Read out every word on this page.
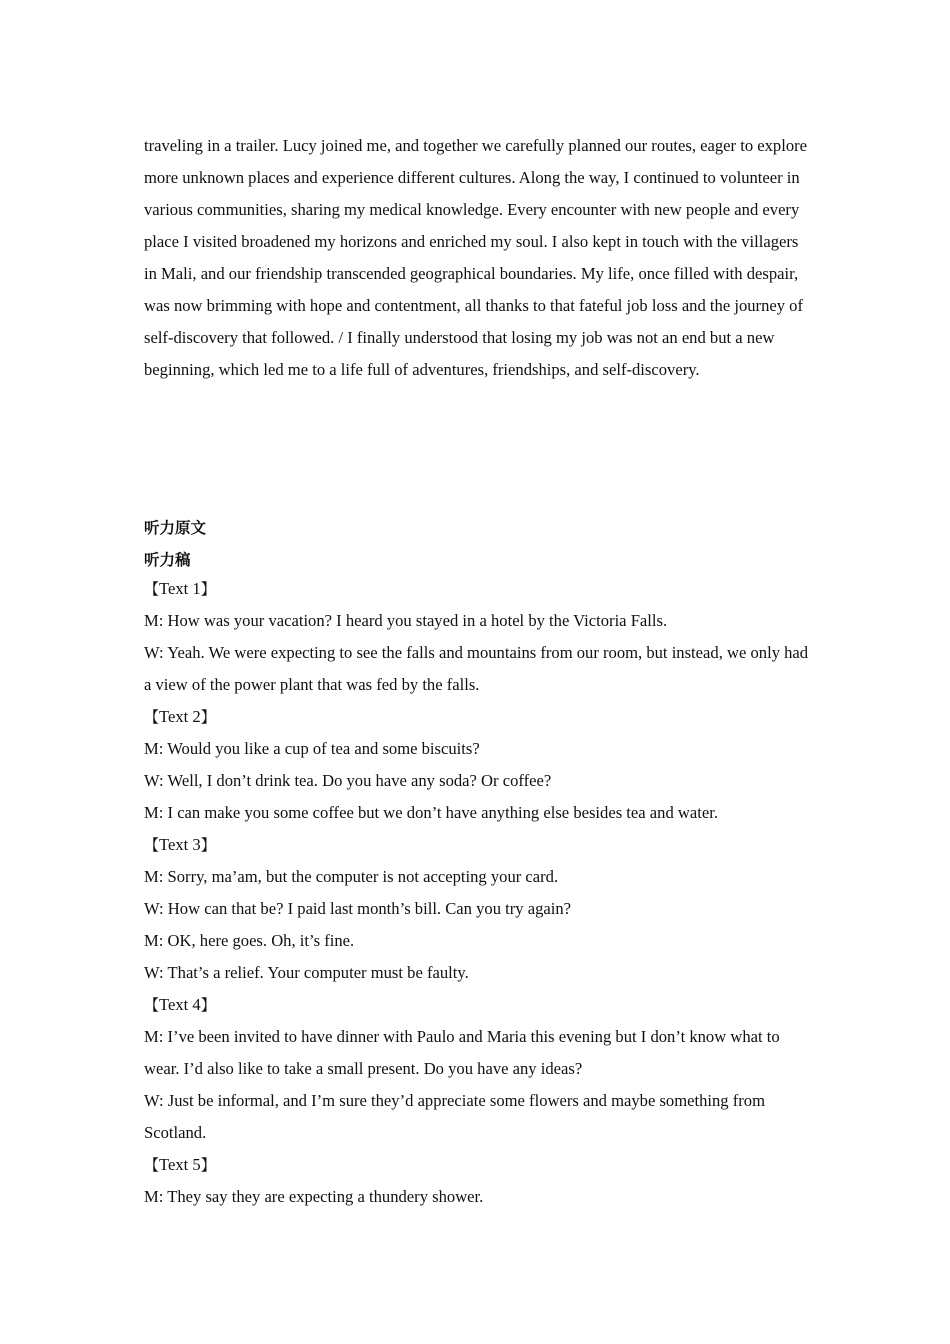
traveling in a trailer. Lucy joined me, and together we carefully planned our routes, eager to explore more unknown places and experience different cultures. Along the way, I continued to volunteer in various communities, sharing my medical knowledge. Every encounter with new people and every place I visited broadened my horizons and enriched my soul. I also kept in touch with the villagers in Mali, and our friendship transcended geographical boundaries. My life, once filled with despair, was now brimming with hope and contentment, all thanks to that fateful job loss and the journey of self-discovery that followed. / I finally understood that losing my job was not an end but a new beginning, which led me to a life full of adventures, friendships, and self-discovery.

听力原文

听力稿

【Text 1】

M: How was your vacation? I heard you stayed in a hotel by the Victoria Falls.

W: Yeah. We were expecting to see the falls and mountains from our room, but instead, we only had a view of the power plant that was fed by the falls.

【Text 2】

M: Would you like a cup of tea and some biscuits?

W: Well, I don’t drink tea. Do you have any soda? Or coffee?

M: I can make you some coffee but we don’t have anything else besides tea and water.

【Text 3】

M: Sorry, ma’am, but the computer is not accepting your card.

W: How can that be? I paid last month’s bill. Can you try again?

M: OK, here goes. Oh, it’s fine.

W: That’s a relief. Your computer must be faulty.

【Text 4】

M: I’ve been invited to have dinner with Paulo and Maria this evening but I don’t know what to wear. I’d also like to take a small present. Do you have any ideas?

W: Just be informal, and I’m sure they’d appreciate some flowers and maybe something from Scotland.

【Text 5】

M: They say they are expecting a thundery shower.
